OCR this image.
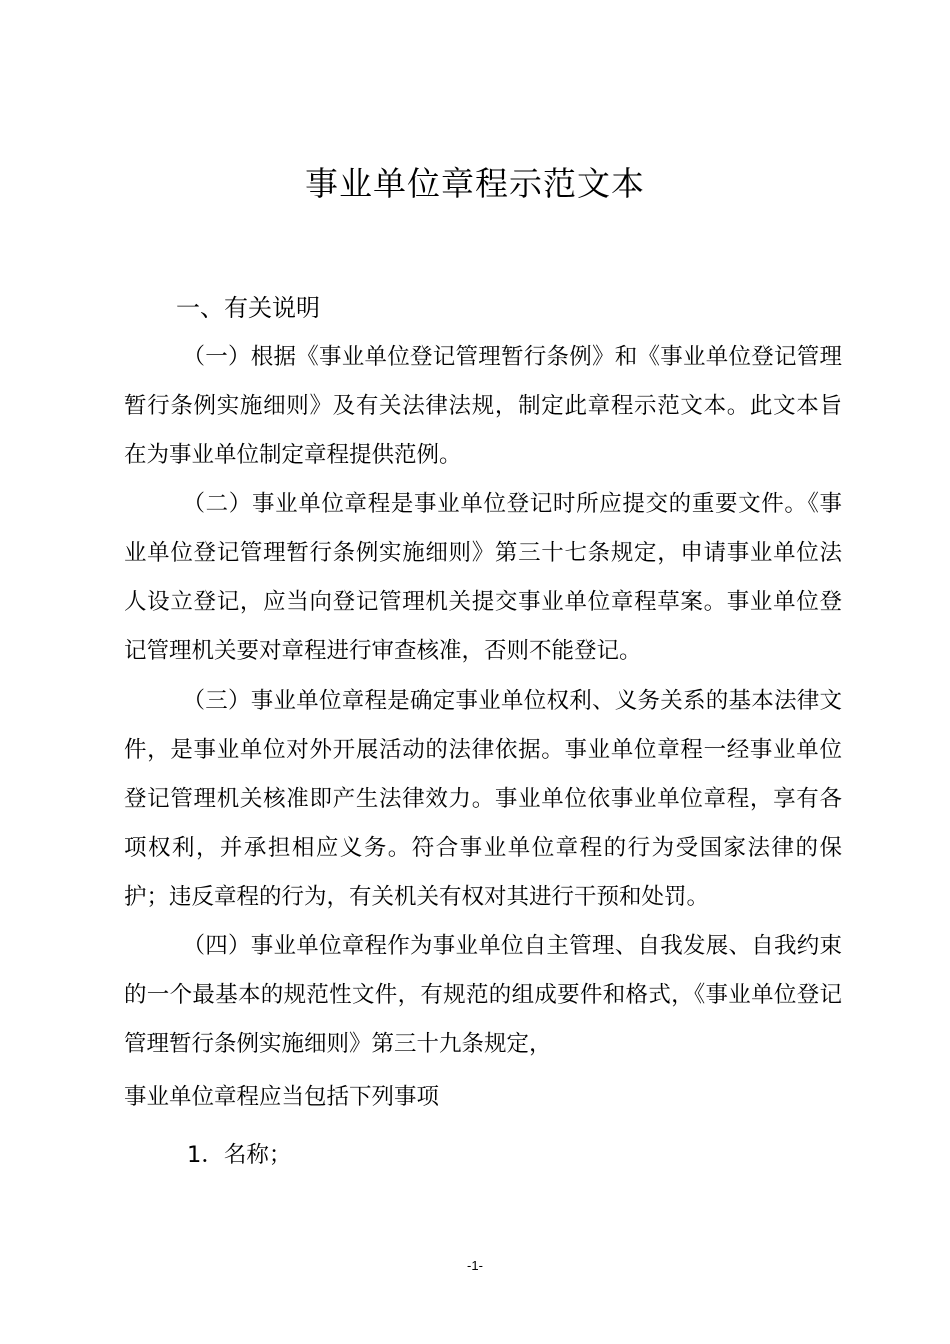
事业单位章程示范文本
一、有关说明
（一）根据《事业单位登记管理暂行条例》和《事业单位登记管理暂行条例实施细则》及有关法律法规，制定此章程示范文本。此文本旨在为事业单位制定章程提供范例。
（二）事业单位章程是事业单位登记时所应提交的重要文件。《事业单位登记管理暂行条例实施细则》第三十七条规定，申请事业单位法人设立登记，应当向登记管理机关提交事业单位章程草案。事业单位登记管理机关要对章程进行审查核准，否则不能登记。
（三）事业单位章程是确定事业单位权利、义务关系的基本法律文件，是事业单位对外开展活动的法律依据。事业单位章程一经事业单位登记管理机关核准即产生法律效力。事业单位依事业单位章程，享有各项权利，并承担相应义务。符合事业单位章程的行为受国家法律的保护；违反章程的行为，有关机关有权对其进行干预和处罚。
（四）事业单位章程作为事业单位自主管理、自我发展、自我约束的一个最基本的规范性文件，有规范的组成要件和格式，《事业单位登记管理暂行条例实施细则》第三十九条规定，
事业单位章程应当包括下列事项
1．名称；
-1-
